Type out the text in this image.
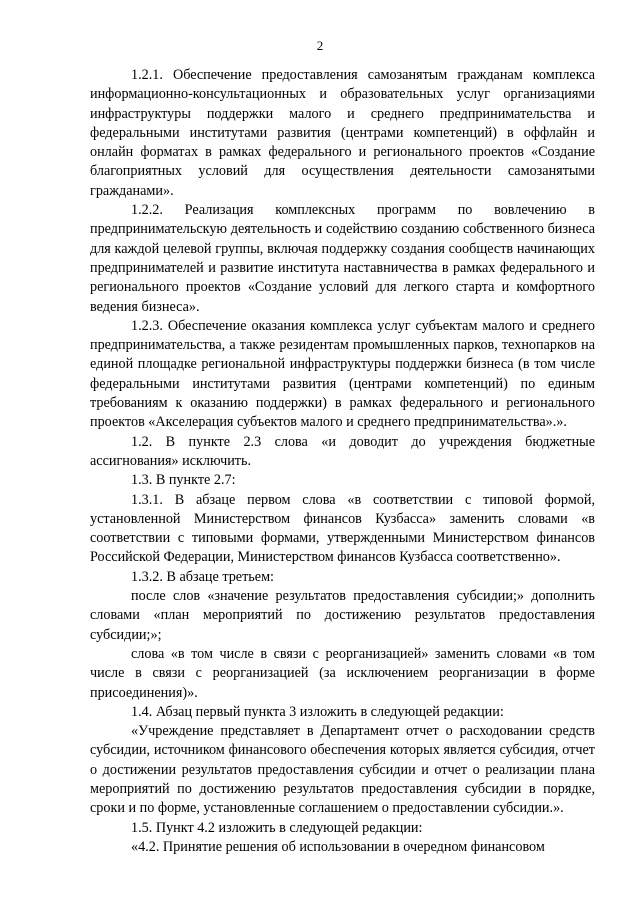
2

1.2.1. Обеспечение предоставления самозанятым гражданам комплекса информационно-консультационных и образовательных услуг организациями инфраструктуры поддержки малого и среднего предпринимательства и федеральными институтами развития (центрами компетенций) в оффлайн и онлайн форматах в рамках федерального и регионального проектов «Создание благоприятных условий для осуществления деятельности самозанятыми гражданами».

1.2.2. Реализация комплексных программ по вовлечению в предпринимательскую деятельность и содействию созданию собственного бизнеса для каждой целевой группы, включая поддержку создания сообществ начинающих предпринимателей и развитие института наставничества в рамках федерального и регионального проектов «Создание условий для легкого старта и комфортного ведения бизнеса».

1.2.3. Обеспечение оказания комплекса услуг субъектам малого и среднего предпринимательства, а также резидентам промышленных парков, технопарков на единой площадке региональной инфраструктуры поддержки бизнеса (в том числе федеральными институтами развития (центрами компетенций) по единым требованиям к оказанию поддержки) в рамках федерального и регионального проектов «Акселерация субъектов малого и среднего предпринимательства».».

1.2. В пункте 2.3 слова «и доводит до учреждения бюджетные ассигнования» исключить.

1.3. В пункте 2.7:

1.3.1. В абзаце первом слова «в соответствии с типовой формой, установленной Министерством финансов Кузбасса» заменить словами «в соответствии с типовыми формами, утвержденными Министерством финансов Российской Федерации, Министерством финансов Кузбасса соответственно».

1.3.2. В абзаце третьем:

после слов «значение результатов предоставления субсидии;» дополнить словами «план мероприятий по достижению результатов предоставления субсидии;»;

слова «в том числе в связи с реорганизацией» заменить словами «в том числе в связи с реорганизацией (за исключением реорганизации в форме присоединения)».

1.4. Абзац первый пункта 3 изложить в следующей редакции:

«Учреждение представляет в Департамент отчет о расходовании средств субсидии, источником финансового обеспечения которых является субсидия, отчет о достижении результатов предоставления субсидии и отчет о реализации плана мероприятий по достижению результатов предоставления субсидии в порядке, сроки и по форме, установленные соглашением о предоставлении субсидии.».

1.5. Пункт 4.2 изложить в следующей редакции:

«4.2. Принятие решения об использовании в очередном финансовом
